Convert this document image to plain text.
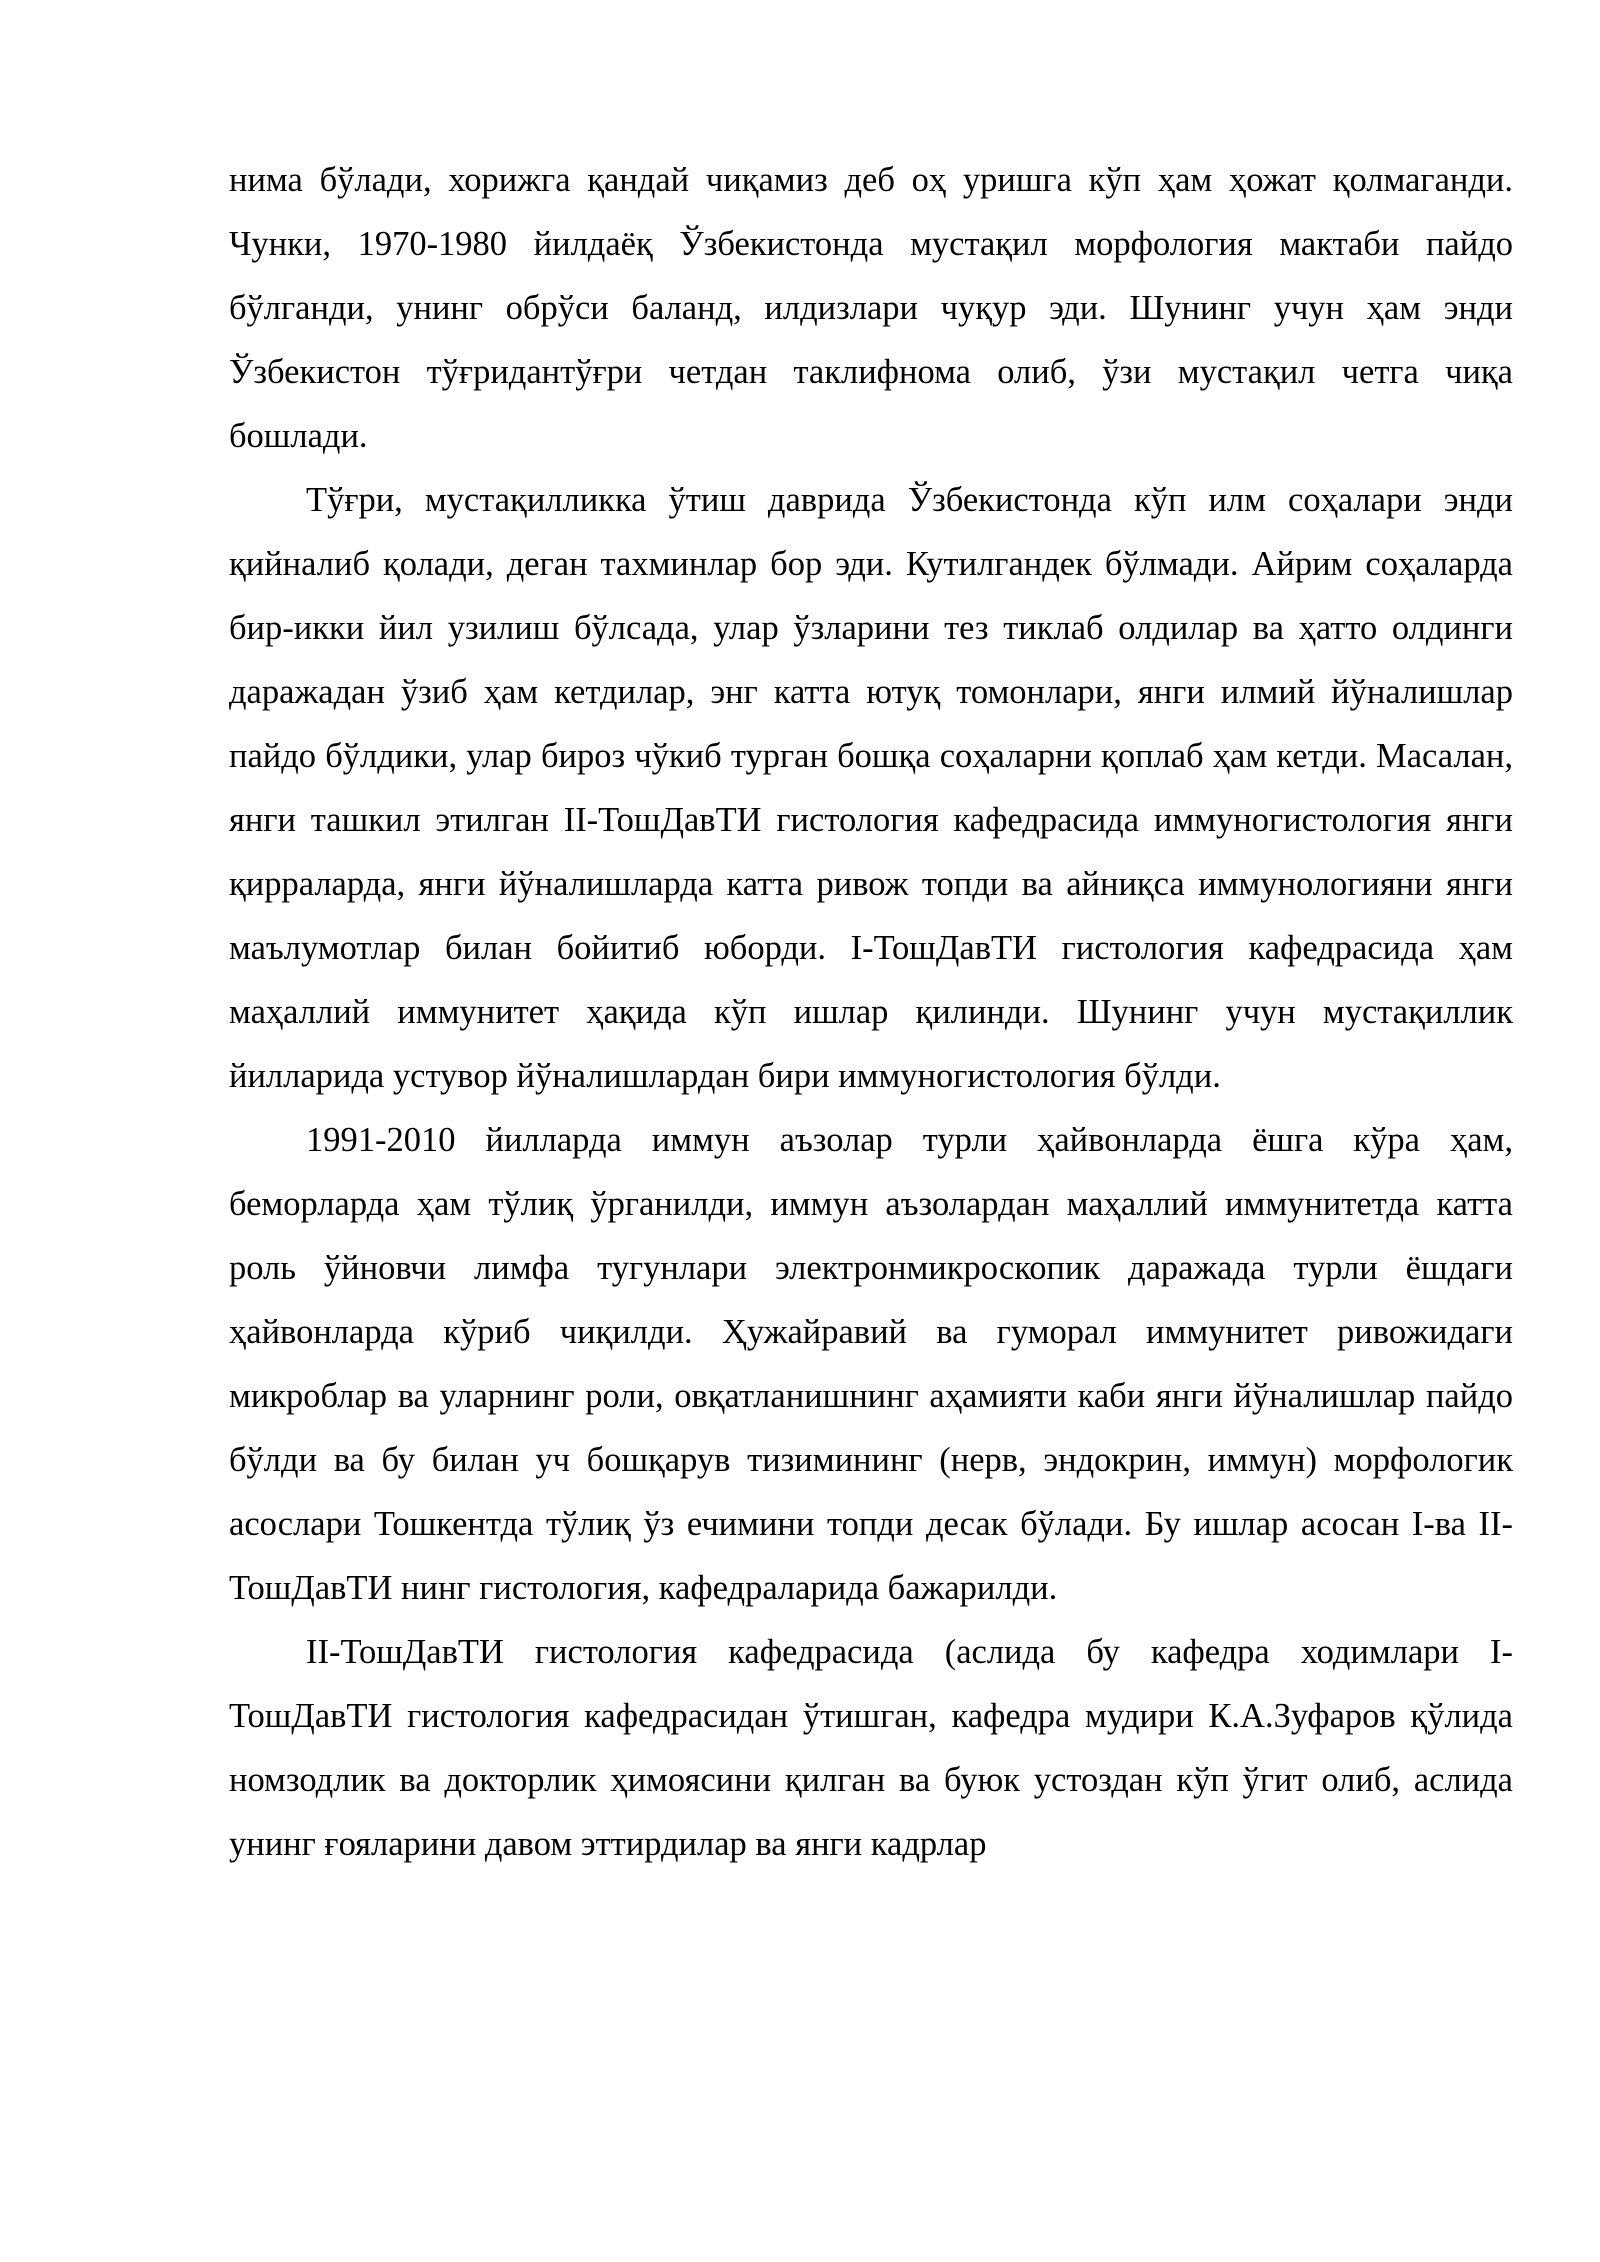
нима бўлади, хорижга қандай чиқамиз деб оҳ уришга кўп ҳам ҳожат қолмаганди. Чунки, 1970-1980 йилдаёқ Ўзбекистонда мустақил морфология мактаби пайдо бўлганди, унинг обрўси баланд, илдизлари чуқур эди. Шунинг учун ҳам энди Ўзбекистон тўғридантўғри четдан таклифнома олиб, ўзи мустақил четга чиқа бошлади.

Тўғри, мустақилликка ўтиш даврида Ўзбекистонда кўп илм соҳалари энди қийналиб қолади, деган тахминлар бор эди. Кутилгандек бўлмади. Айрим соҳаларда бир-икки йил узилиш бўлсада, улар ўзларини тез тиклаб олдилар ва ҳатто олдинги даражадан ўзиб ҳам кетдилар, энг катта ютуқ томонлари, янги илмий йўналишлар пайдо бўлдики, улар бироз чўкиб турган бошқа соҳаларни қоплаб ҳам кетди. Масалан, янги ташкил этилган II-ТошДавТИ гистология кафедрасида иммуногистология янги қирраларда, янги йўналишларда катта ривож топди ва айниқса иммунологияни янги маълумотлар билан бойитиб юборди. I-ТошДавТИ гистология кафедрасида ҳам маҳаллий иммунитет ҳақида кўп ишлар қилинди. Шунинг учун мустақиллик йилларида устувор йўналишлардан бири иммуногистология бўлди.

1991-2010 йилларда иммун аъзолар турли ҳайвонларда ёшга кўра ҳам, беморларда ҳам тўлиқ ўрганилди, иммун аъзолардан маҳаллий иммунитетда катта роль ўйновчи лимфа тугунлари электронмикроскопик даражада турли ёшдаги ҳайвонларда кўриб чиқилди. Ҳужайравий ва гуморал иммунитет ривожидаги микроблар ва уларнинг роли, овқатланишнинг аҳамияти каби янги йўналишлар пайдо бўлди ва бу билан уч бошқарув тизимининг (нерв, эндокрин, иммун) морфологик асослари Тошкентда тўлиқ ўз ечимини топди десак бўлади. Бу ишлар асосан I-ва II-ТошДавТИ нинг гистология, кафедраларида бажарилди.

II-ТошДавТИ гистология кафедрасида (аслида бу кафедра ходимлари I-ТошДавТИ гистология кафедрасидан ўтишган, кафедра мудири К.А.Зуфаров қўлида номзодлик ва докторлик ҳимоясини қилган ва буюк устоздан кўп ўгит олиб, аслида унинг ғояларини давом эттирдилар ва янги кадрлар
